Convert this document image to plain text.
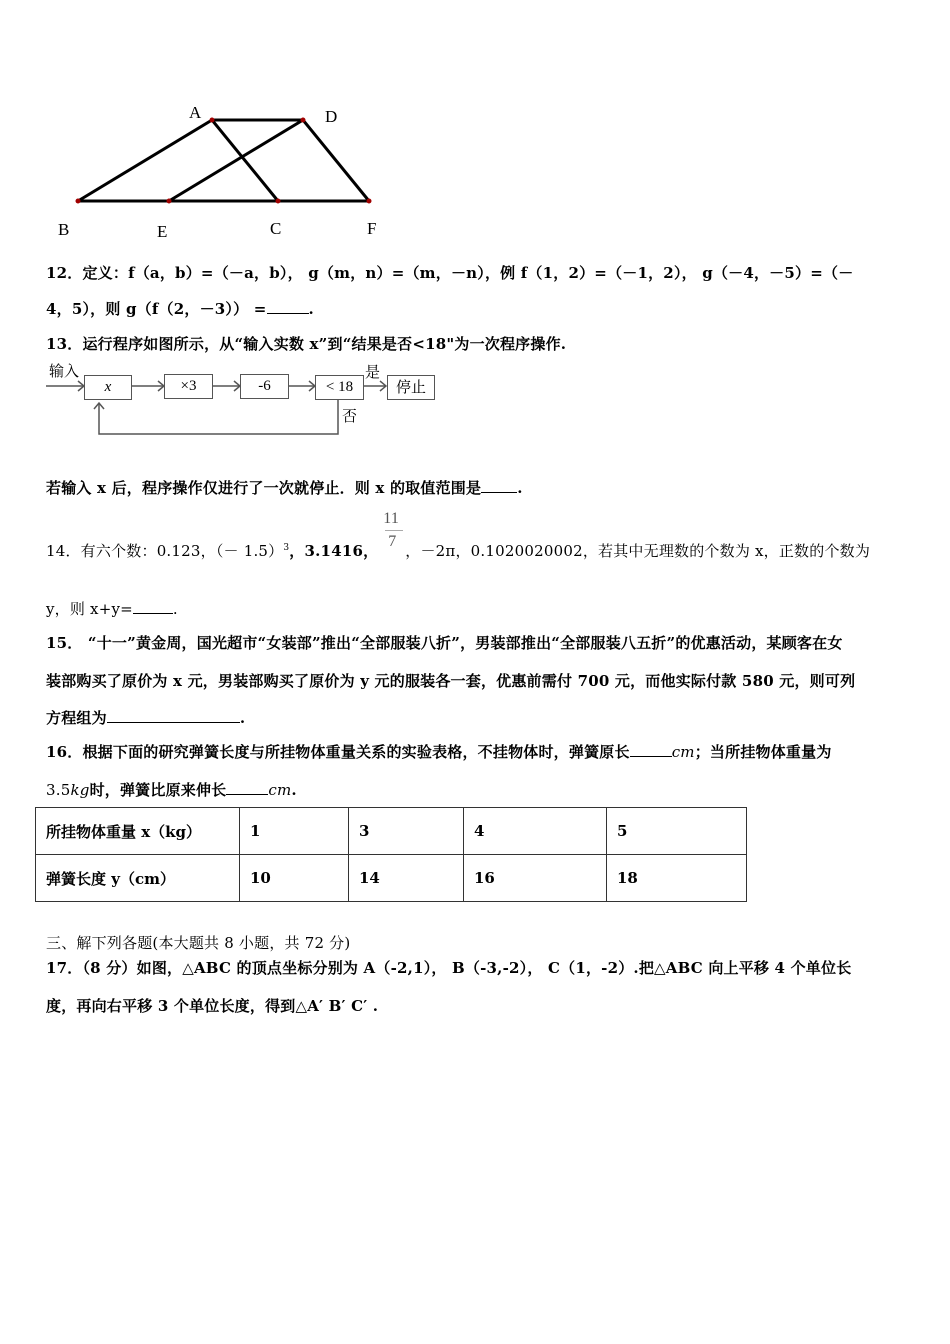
A	D
B	E	C	F
12．定义：f（a，b）=（－a，b）， g（m，n）=（m，－n），例 f（1，2）=（－1，2）， g（－4，－5）=（－
4，5），则 g（f（2，－3）） =	.
13．运行程序如图所示，从“输入实数 x”到“结果是否<18"为一次程序操作.
输入
x	×3	-6	< 18
是
停止
否
若输入 x 后，程序操作仅进行了一次就停止．则 x 的取值范围是 .
14．有六个数：0.123，（－ 1.5）$^3$，3.1416， $\frac{11}{7}$ ，－2π，0.1020020002，若其中无理数的个数为 x，正数的个数为
y，则 x+y=	.
15． “十一”黄金周，国光超市“女装部”推出“全部服装八折”，男装部推出“全部服装八五折”的优惠活动，某顾客在女
装部购买了原价为 x 元，男装部购买了原价为 y 元的服装各一套，优惠前需付 700 元，而他实际付款 580 元，则可列
方程组为	.
16．根据下面的研究弹簧长度与所挂物体重量关系的实验表格，不挂物体时，弹簧原长	cm；当所挂物体重量为
3.5kg时，弹簧比原来伸长	cm.
所挂物体重量 x（kg）	1	3	4	5
弹簧长度 y（cm）	10	14	16	18
三、解下列各题(本大题共 8 小题，共 72 分)
17．（8 分）如图，△ABC 的顶点坐标分别为 A（-2,1）， B（-3,-2）， C（1，-2）.把△ABC 向上平移 4 个单位长
度，再向右平移 3 个单位长度，得到△A′ B′ C′ .
